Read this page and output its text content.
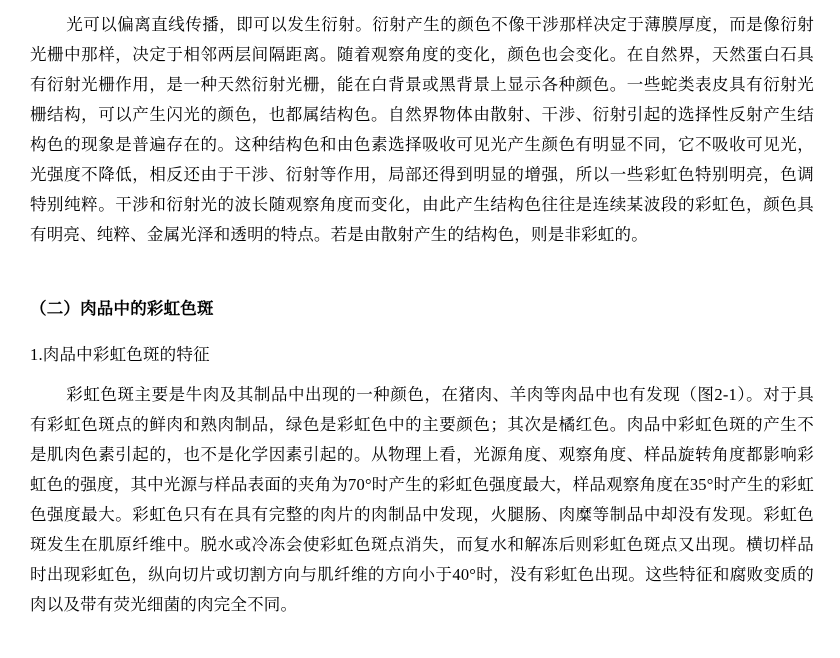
光可以偏离直线传播，即可以发生衍射。衍射产生的颜色不像干涉那样决定于薄膜厚度，而是像衍射光栅中那样，决定于相邻两层间隔距离。随着观察角度的变化，颜色也会变化。在自然界，天然蛋白石具有衍射光栅作用，是一种天然衍射光栅，能在白背景或黑背景上显示各种颜色。一些蛇类表皮具有衍射光栅结构，可以产生闪光的颜色，也都属结构色。自然界物体由散射、干涉、衍射引起的选择性反射产生结构色的现象是普遍存在的。这种结构色和由色素选择吸收可见光产生颜色有明显不同，它不吸收可见光，光强度不降低，相反还由于干涉、衍射等作用，局部还得到明显的增强，所以一些彩虹色特别明亮，色调特别纯粹。干涉和衍射光的波长随观察角度而变化，由此产生结构色往往是连续某波段的彩虹色，颜色具有明亮、纯粹、金属光泽和透明的特点。若是由散射产生的结构色，则是非彩虹的。

（二）肉品中的彩虹色斑
1.肉品中彩虹色斑的特征

彩虹色斑主要是牛肉及其制品中出现的一种颜色，在猪肉、羊肉等肉品中也有发现（图2-1）。对于具有彩虹色斑点的鲜肉和熟肉制品，绿色是彩虹色中的主要颜色；其次是橘红色。肉品中彩虹色斑的产生不是肌肉色素引起的，也不是化学因素引起的。从物理上看，光源角度、观察角度、样品旋转角度都影响彩虹色的强度，其中光源与样品表面的夹角为70°时产生的彩虹色强度最大，样品观察角度在35°时产生的彩虹色强度最大。彩虹色只有在具有完整的肉片的肉制品中发现，火腿肠、肉糜等制品中却没有发现。彩虹色斑发生在肌原纤维中。脱水或冷冻会使彩虹色斑点消失，而复水和解冻后则彩虹色斑点又出现。横切样品时出现彩虹色，纵向切片或切割方向与肌纤维的方向小于40°时，没有彩虹色出现。这些特征和腐败变质的肉以及带有荧光细菌的肉完全不同。
